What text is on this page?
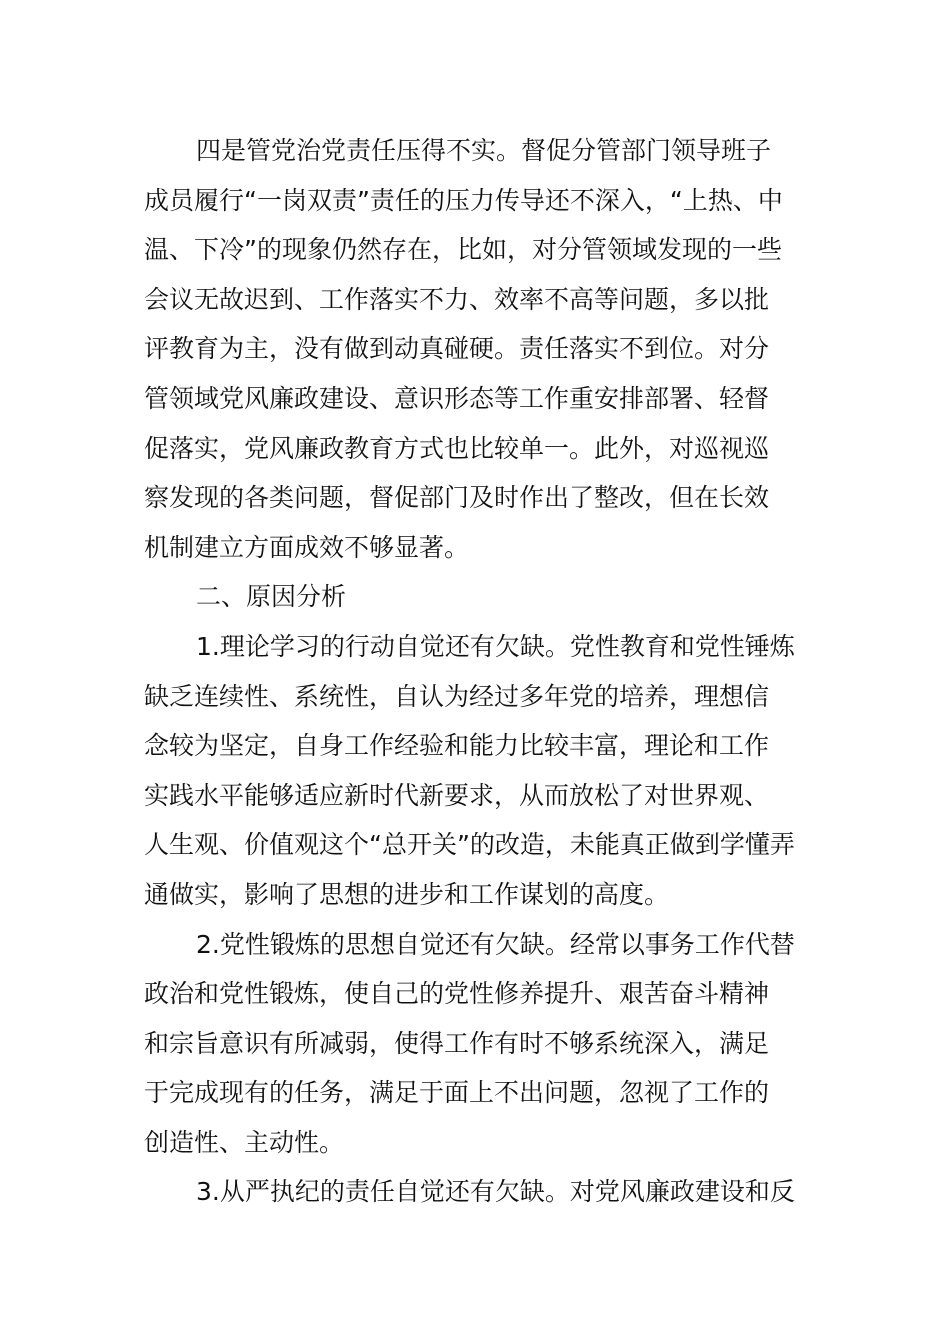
四是管党治党责任压得不实。督促分管部门领导班子
成员履行“一岗双责”责任的压力传导还不深入，“上热、中
温、下冷”的现象仍然存在，比如，对分管领域发现的一些
会议无故迟到、工作落实不力、效率不高等问题，多以批
评教育为主，没有做到动真碰硬。责任落实不到位。对分
管领域党风廉政建设、意识形态等工作重安排部署、轻督
促落实，党风廉政教育方式也比较单一。此外，对巡视巡
察发现的各类问题，督促部门及时作出了整改，但在长效
机制建立方面成效不够显著。
二、原因分析
1.理论学习的行动自觉还有欠缺。党性教育和党性锤炼
缺乏连续性、系统性，自认为经过多年党的培养，理想信
念较为坚定，自身工作经验和能力比较丰富，理论和工作
实践水平能够适应新时代新要求，从而放松了对世界观、
人生观、价值观这个“总开关”的改造，未能真正做到学懂弄
通做实，影响了思想的进步和工作谋划的高度。
2.党性锻炼的思想自觉还有欠缺。经常以事务工作代替
政治和党性锻炼，使自己的党性修养提升、艰苦奋斗精神
和宗旨意识有所减弱，使得工作有时不够系统深入，满足
于完成现有的任务，满足于面上不出问题，忽视了工作的
创造性、主动性。
3.从严执纪的责任自觉还有欠缺。对党风廉政建设和反
